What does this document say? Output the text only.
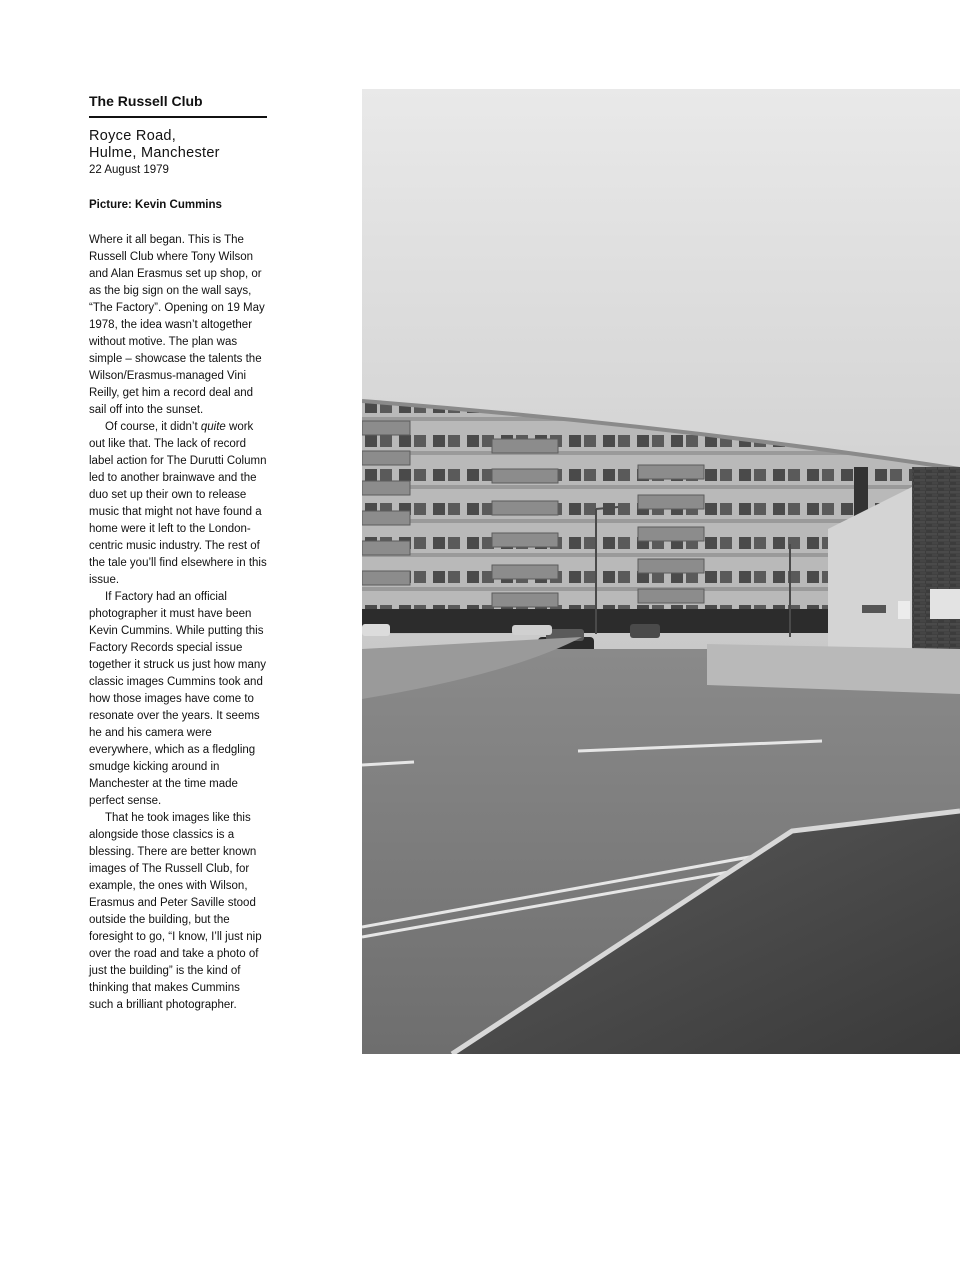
The Russell Club
Royce Road,
Hulme, Manchester
22 August 1979
Picture: Kevin Cummins

Where it all began. This is The Russell Club where Tony Wilson and Alan Erasmus set up shop, or as the big sign on the wall says, “The Factory”. Opening on 19 May 1978, the idea wasn’t altogether without motive. The plan was simple – showcase the talents the Wilson/Erasmus-managed Vini Reilly, get him a record deal and sail off into the sunset.

Of course, it didn’t quite work out like that. The lack of record label action for The Durutti Column led to another brainwave and the duo set up their own to release music that might not have found a home were it left to the London-centric music industry. The rest of the tale you’ll find elsewhere in this issue.

If Factory had an official photographer it must have been Kevin Cummins. While putting this Factory Records special issue together it struck us just how many classic images Cummins took and how those images have come to resonate over the years. It seems he and his camera were everywhere, which as a fledgling smudge kicking around in Manchester at the time made perfect sense.

That he took images like this alongside those classics is a blessing. There are better known images of The Russell Club, for example, the ones with Wilson, Erasmus and Peter Saville stood outside the building, but the foresight to go, “I know, I’ll just nip over the road and take a photo of just the building” is the kind of thinking that makes Cummins such a brilliant photographer.
